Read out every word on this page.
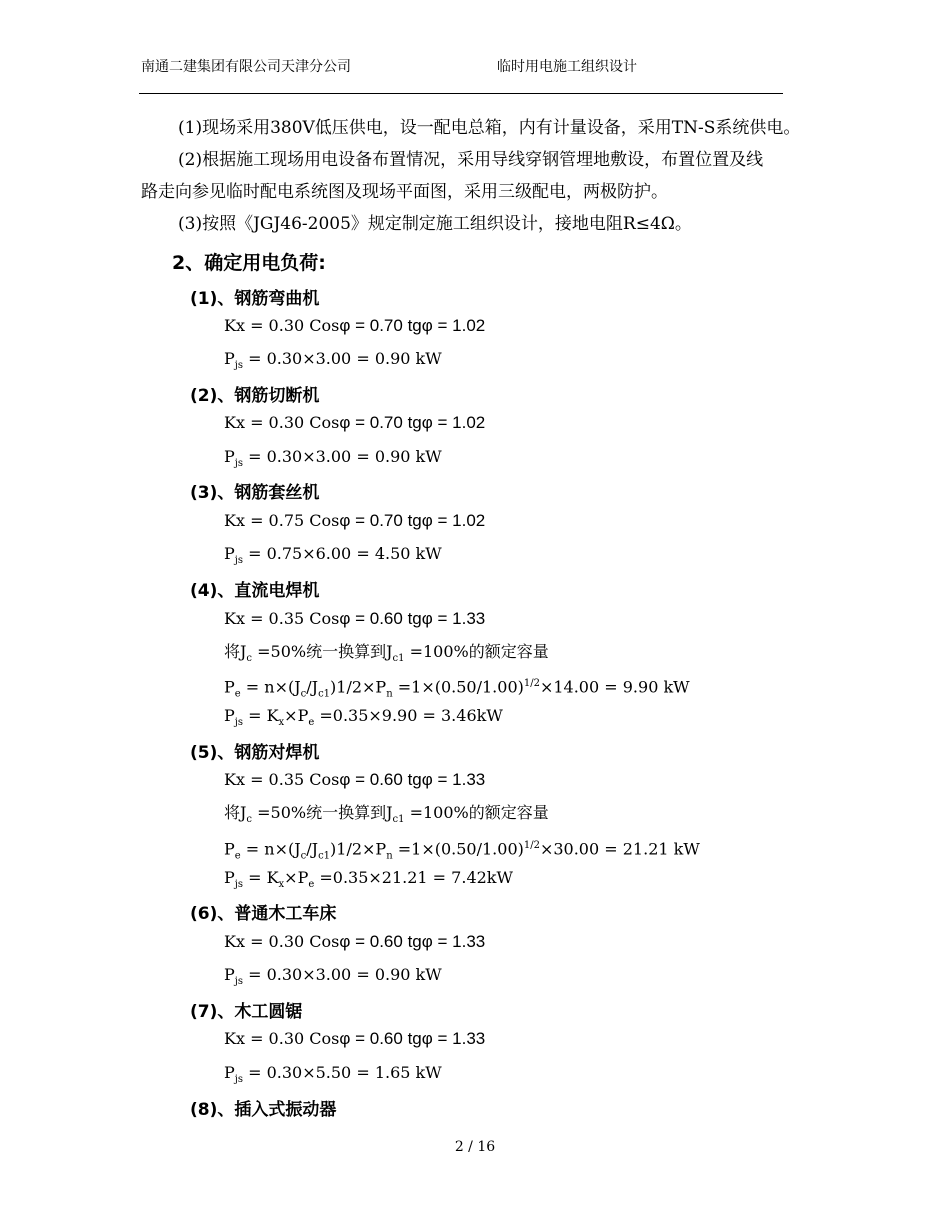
南通二建集团有限公司天津分公司	临时用电施工组织设计
(1)现场采用380V低压供电，设一配电总箱，内有计量设备，采用TN-S系统供电。
(2)根据施工现场用电设备布置情况，采用导线穿钢管埋地敷设，布置位置及线
路走向参见临时配电系统图及现场平面图，采用三级配电，两极防护。
(3)按照《JGJ46-2005》规定制定施工组织设计，接地电阻R≤4Ω。
2、确定用电负荷:
(1)、钢筋弯曲机
Kx = 0.30 Cosφ = 0.70 tgφ = 1.02
$P_{js} = 0.30\times 3.00 = 0.90$ kW
(2)、钢筋切断机
Kx = 0.30 Cosφ = 0.70 tgφ = 1.02
$P_{js} = 0.30\times 3.00 = 0.90$ kW
(3)、钢筋套丝机
Kx = 0.75 Cosφ = 0.70 tgφ = 1.02
$P_{js} = 0.75\times 6.00 = 4.50$ kW
(4)、直流电焊机
Kx = 0.35 Cosφ = 0.60 tgφ = 1.33
将$J_c =50\%$统一换算到$J_{c1} =100\%$的额定容量
$P_e = n\times(J_c/J_{c1})1/2\times P_n =1\times(0.50/1.00)^{1/2}\times 14.00 = 9.90$ kW
$P_{js} = K_x\times P_e =0.35\times 9.90 = 3.46kW$
(5)、钢筋对焊机
Kx = 0.35 Cosφ = 0.60 tgφ = 1.33
将$J_c =50\%$统一换算到$J_{c1} =100\%$的额定容量
$P_e = n\times(J_c/J_{c1})1/2\times P_n =1\times(0.50/1.00)^{1/2}\times 30.00 = 21.21$ kW
$P_{js} = K_x\times P_e =0.35\times 21.21 = 7.42kW$
(6)、普通木工车床
Kx = 0.30 Cosφ = 0.60 tgφ = 1.33
$P_{js} = 0.30\times 3.00 = 0.90$ kW
(7)、木工圆锯
Kx = 0.30 Cosφ = 0.60 tgφ = 1.33
$P_{js} = 0.30\times 5.50 = 1.65$ kW
(8)、插入式振动器
2 / 16
